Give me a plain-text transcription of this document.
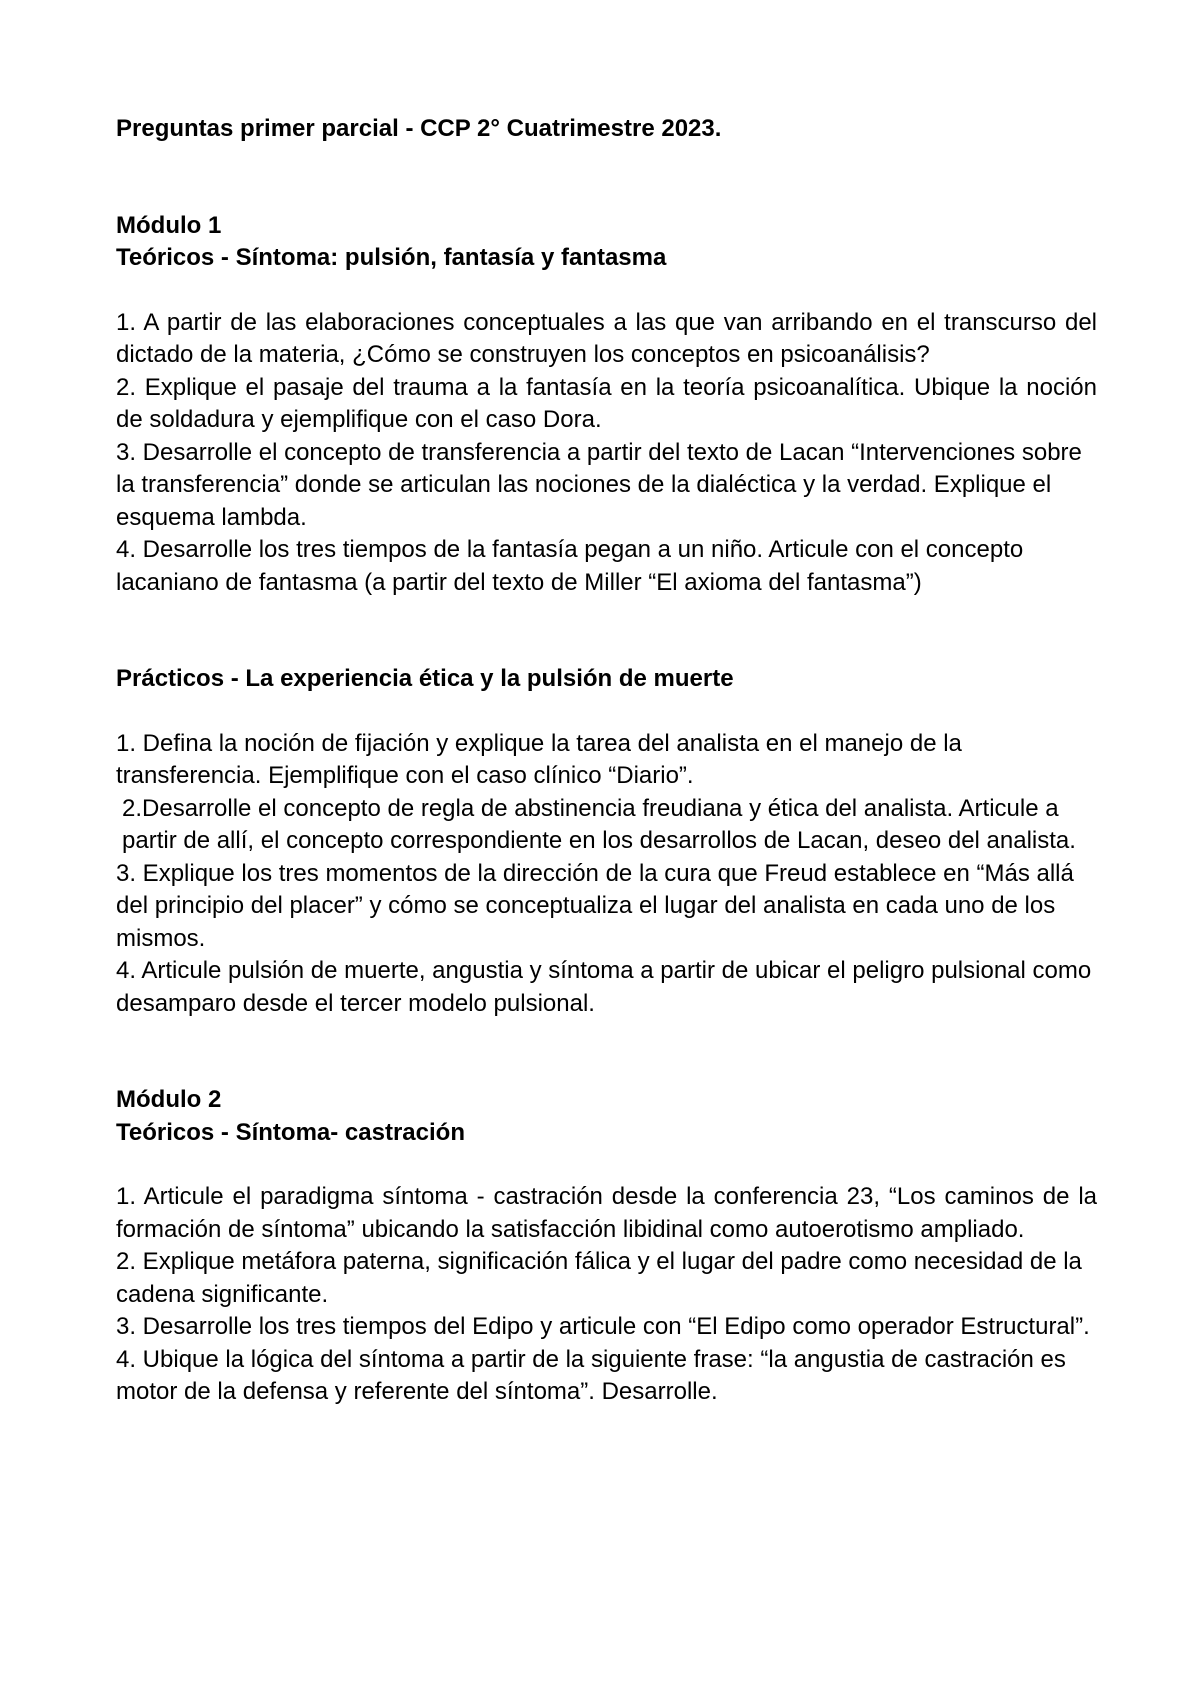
Preguntas primer parcial - CCP 2° Cuatrimestre 2023.

Módulo 1

Teóricos - Síntoma: pulsión, fantasía y fantasma

1. A partir de las elaboraciones conceptuales a las que van arribando en el transcurso del dictado de la materia, ¿Cómo se construyen los conceptos en psicoanálisis?

2. Explique el pasaje del trauma a la fantasía en la teoría psicoanalítica. Ubique la noción de soldadura y ejemplifique con el caso Dora.

3. Desarrolle el concepto de transferencia a partir del texto de Lacan “Intervenciones sobre la transferencia” donde se articulan las nociones de la dialéctica y la verdad. Explique el esquema lambda.

4. Desarrolle los tres tiempos de la fantasía pegan a un niño. Articule con el concepto lacaniano de fantasma (a partir del texto de Miller “El axioma del fantasma”)

Prácticos - La experiencia ética y la pulsión de muerte

1. Defina la noción de fijación y explique la tarea del analista en el manejo de la transferencia. Ejemplifique con el caso clínico “Diario”.

2.Desarrolle el concepto de regla de abstinencia freudiana y ética del analista. Articule a partir de allí, el concepto correspondiente en los desarrollos de Lacan, deseo del analista.

3. Explique los tres momentos de la dirección de la cura que Freud establece en “Más allá del principio del placer” y cómo se conceptualiza el lugar del analista en cada uno de los mismos.

4. Articule pulsión de muerte, angustia y síntoma a partir de ubicar el peligro pulsional como desamparo desde el tercer modelo pulsional.

Módulo 2

Teóricos - Síntoma- castración

1. Articule el paradigma síntoma - castración desde la conferencia 23, “Los caminos de la formación de síntoma” ubicando la satisfacción libidinal como autoerotismo ampliado.

2. Explique metáfora paterna, significación fálica y el lugar del padre como necesidad de la cadena significante.

3. Desarrolle los tres tiempos del Edipo y articule con “El Edipo como operador Estructural”.

4. Ubique la lógica del síntoma a partir de la siguiente frase: “la angustia de castración es motor de la defensa y referente del síntoma”. Desarrolle.
